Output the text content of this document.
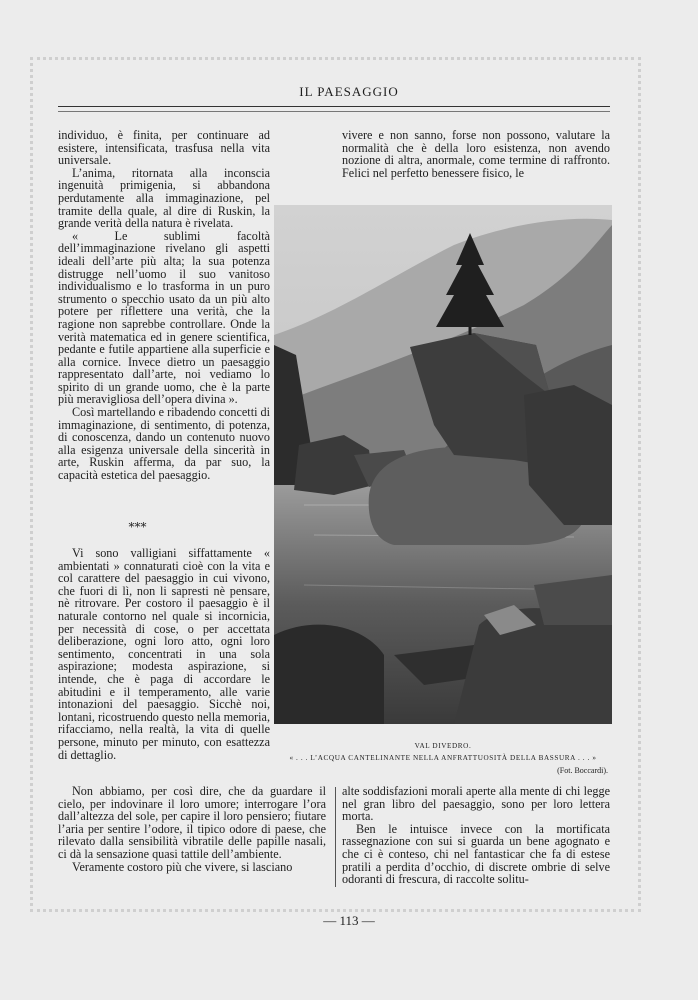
IL PAESAGGIO

individuo, è finita, per continuare ad esistere, intensificata, trasfusa nella vita universale.

L’anima, ritornata alla inconscia ingenuità primigenia, si abbandona perdutamente alla immaginazione, pel tramite della quale, al dire di Ruskin, la grande verità della natura è rivelata.

« Le sublimi facoltà dell’immaginazione rivelano gli aspetti ideali dell’arte più alta; la sua potenza distrugge nell’uomo il suo vanitoso individualismo e lo trasforma in un puro strumento o specchio usato da un più alto potere per riflettere una verità, che la ragione non saprebbe controllare. Onde la verità matematica ed in genere scientifica, pedante e futile appartiene alla superficie e alla cornice. Invece dietro un paesaggio rappresentato dall’arte, noi vediamo lo spirito di un grande uomo, che è la parte più meravigliosa dell’opera divina ».

Così martellando e ribadendo concetti di immaginazione, di sentimento, di potenza, di conoscenza, dando un contenuto nuovo alla esigenza universale della sincerità in arte, Ruskin afferma, da par suo, la capacità estetica del paesaggio.

⁎⁎⁎

Vi sono valligiani siffattamente « ambientati » connaturati cioè con la vita e col carattere del paesaggio in cui vivono, che fuori di lì, non li sapresti nè pensare, nè ritrovare. Per costoro il paesaggio è il naturale contorno nel quale si incornicia, per necessità di cose, o per accettata deliberazione, ogni loro atto, ogni loro sentimento, concentrati in una sola aspirazione; modesta aspirazione, si intende, che è paga di accordare le abitudini e il temperamento, alle varie intonazioni del paesaggio. Sicchè noi, lontani, ricostruendo questo nella memoria, rifacciamo, nella realtà, la vita di quelle persone, minuto per minuto, con esattezza di dettaglio.

vivere e non sanno, forse non possono, valutare la normalità che è della loro esistenza, non avendo nozione di altra, anormale, come termine di raffronto. Felici nel perfetto benessere fisico, le

VAL DIVEDRO.
« . . . L’ACQUA CANTELINANTE NELLA ANFRATTUOSITÀ DELLA BASSURA . . . »
(Fot. Boccardi).

Non abbiamo, per così dire, che da guardare il cielo, per indovinare il loro umore; interrogare l’ora dall’altezza del sole, per capire il loro pensiero; fiutare l’aria per sentire l’odore, il tipico odore di paese, che rilevato dalla sensibilità vibratile delle papille nasali, ci dà la sensazione quasi tattile dell’ambiente.

Veramente costoro più che vivere, si lasciano

alte soddisfazioni morali aperte alla mente di chi legge nel gran libro del paesaggio, sono per loro lettera morta.

Ben le intuisce invece con la mortificata rassegnazione con sui si guarda un bene agognato e che ci è conteso, chi nel fantasticar che fa di estese pratili a perdita d’occhio, di discrete ombrie di selve odoranti di frescura, di raccolte solitu-

— 113 —
